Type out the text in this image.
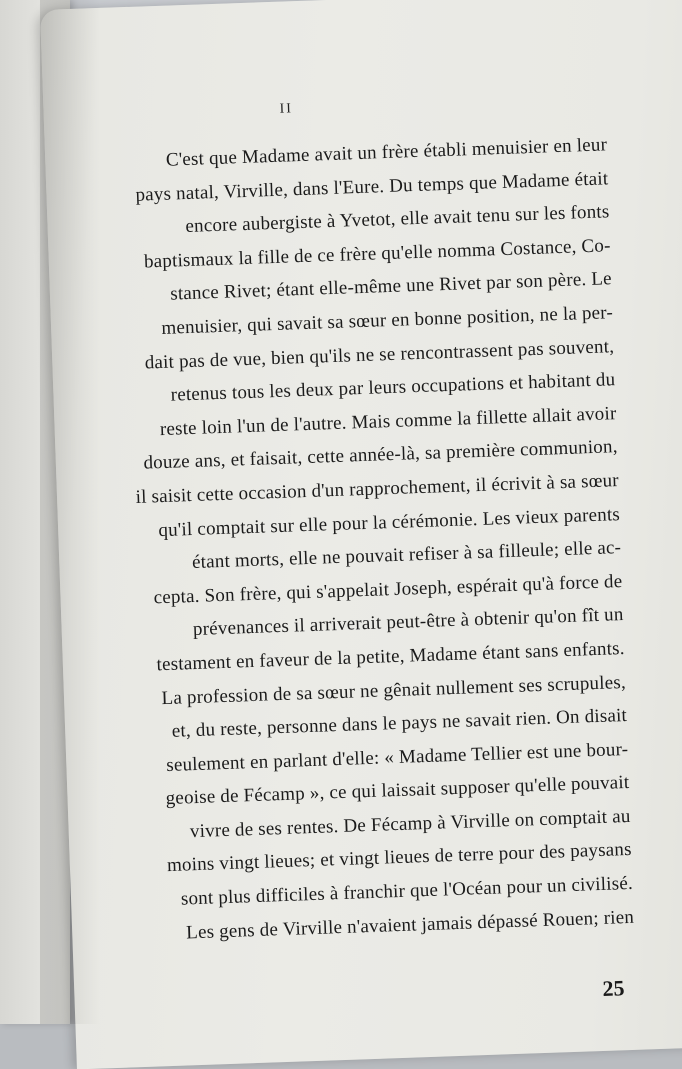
II
C'est que Madame avait un frère établi menuisier en leur
pays natal, Virville, dans l'Eure. Du temps que Madame était
encore aubergiste à Yvetot, elle avait tenu sur les fonts
baptismaux la fille de ce frère qu'elle nomma Costance, Co-
stance Rivet; étant elle-même une Rivet par son père. Le
menuisier, qui savait sa sœur en bonne position, ne la per-
dait pas de vue, bien qu'ils ne se rencontrassent pas souvent,
retenus tous les deux par leurs occupations et habitant du
reste loin l'un de l'autre. Mais comme la fillette allait avoir
douze ans, et faisait, cette année-là, sa première communion,
il saisit cette occasion d'un rapprochement, il écrivit à sa sœur
qu'il comptait sur elle pour la cérémonie. Les vieux parents
étant morts, elle ne pouvait refiser à sa filleule; elle ac-
cepta. Son frère, qui s'appelait Joseph, espérait qu'à force de
prévenances il arriverait peut-être à obtenir qu'on fît un
testament en faveur de la petite, Madame étant sans enfants.
La profession de sa sœur ne gênait nullement ses scrupules,
et, du reste, personne dans le pays ne savait rien. On disait
seulement en parlant d'elle: « Madame Tellier est une bour-
geoise de Fécamp », ce qui laissait supposer qu'elle pouvait
vivre de ses rentes. De Fécamp à Virville on comptait au
moins vingt lieues; et vingt lieues de terre pour des paysans
sont plus difficiles à franchir que l'Océan pour un civilisé.
Les gens de Virville n'avaient jamais dépassé Rouen; rien
25
